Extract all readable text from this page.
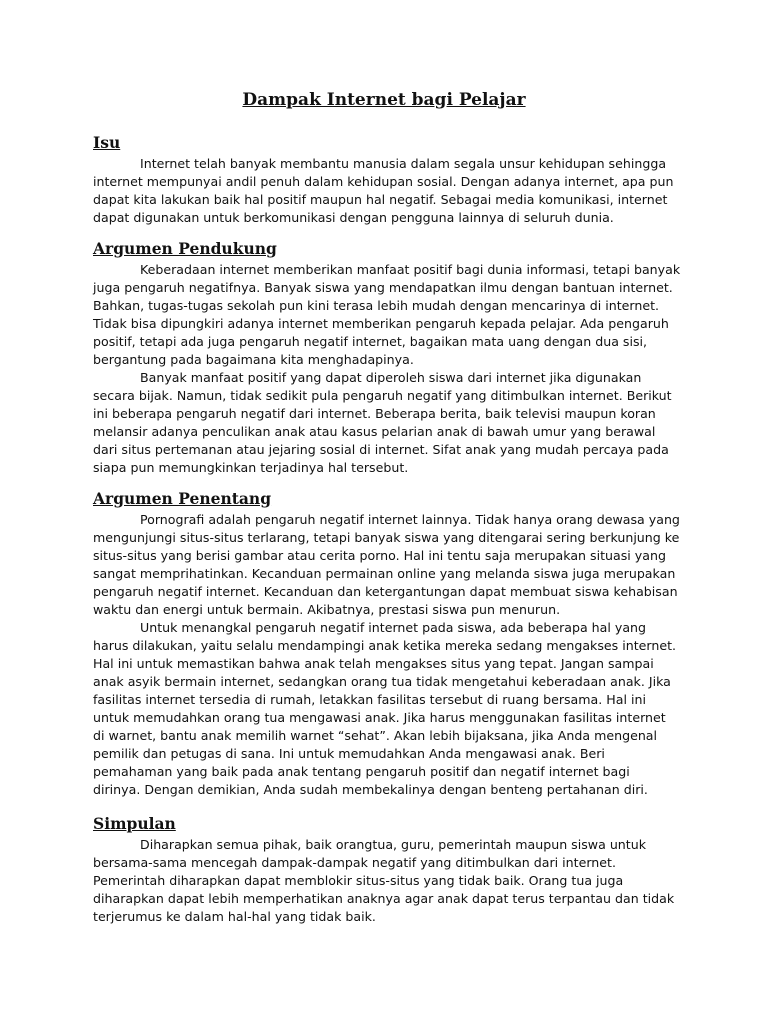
Dampak Internet bagi Pelajar
Isu

Internet telah banyak membantu manusia dalam segala unsur kehidupan sehingga internet mempunyai andil penuh dalam kehidupan sosial. Dengan adanya internet, apa pun dapat kita lakukan baik hal positif maupun hal negatif. Sebagai media komunikasi, internet dapat digunakan untuk berkomunikasi dengan pengguna lainnya di seluruh dunia.

Argumen Pendukung

Keberadaan internet memberikan manfaat positif bagi dunia informasi, tetapi banyak juga pengaruh negatifnya. Banyak siswa yang mendapatkan ilmu dengan bantuan internet. Bahkan, tugas-tugas sekolah pun kini terasa lebih mudah dengan mencarinya di internet. Tidak bisa dipungkiri adanya internet memberikan pengaruh kepada pelajar. Ada pengaruh positif, tetapi ada juga pengaruh negatif internet, bagaikan mata uang dengan dua sisi, bergantung pada bagaimana kita menghadapinya.

Banyak manfaat positif yang dapat diperoleh siswa dari internet jika digunakan secara bijak. Namun, tidak sedikit pula pengaruh negatif yang ditimbulkan internet. Berikut ini beberapa pengaruh negatif dari internet. Beberapa berita, baik televisi maupun koran melansir adanya penculikan anak atau kasus pelarian anak di bawah umur yang berawal dari situs pertemanan atau jejaring sosial di internet. Sifat anak yang mudah percaya pada siapa pun memungkinkan terjadinya hal tersebut.

Argumen Penentang

Pornografi adalah pengaruh negatif internet lainnya. Tidak hanya orang dewasa yang mengunjungi situs-situs terlarang, tetapi banyak siswa yang ditengarai sering berkunjung ke situs-situs yang berisi gambar atau cerita porno. Hal ini tentu saja merupakan situasi yang sangat memprihatinkan. Kecanduan permainan online yang melanda siswa juga merupakan pengaruh negatif internet. Kecanduan dan ketergantungan dapat membuat siswa kehabisan waktu dan energi untuk bermain. Akibatnya, prestasi siswa pun menurun.

Untuk menangkal pengaruh negatif internet pada siswa, ada beberapa hal yang harus dilakukan, yaitu selalu mendampingi anak ketika mereka sedang mengakses internet. Hal ini untuk memastikan bahwa anak telah mengakses situs yang tepat. Jangan sampai anak asyik bermain internet, sedangkan orang tua tidak mengetahui keberadaan anak. Jika fasilitas internet tersedia di rumah, letakkan fasilitas tersebut di ruang bersama. Hal ini untuk memudahkan orang tua mengawasi anak. Jika harus menggunakan fasilitas internet di warnet, bantu anak memilih warnet “sehat”. Akan lebih bijaksana, jika Anda mengenal pemilik dan petugas di sana. Ini untuk memudahkan Anda mengawasi anak. Beri pemahaman yang baik pada anak tentang pengaruh positif dan negatif internet bagi dirinya. Dengan demikian, Anda sudah membekalinya dengan benteng pertahanan diri.

Simpulan

Diharapkan semua pihak, baik orangtua, guru, pemerintah maupun siswa untuk bersama-sama mencegah dampak-dampak negatif yang ditimbulkan dari internet. Pemerintah diharapkan dapat memblokir situs-situs yang tidak baik. Orang tua juga diharapkan dapat lebih memperhatikan anaknya agar anak dapat terus terpantau dan tidak terjerumus ke dalam hal-hal yang tidak baik.
